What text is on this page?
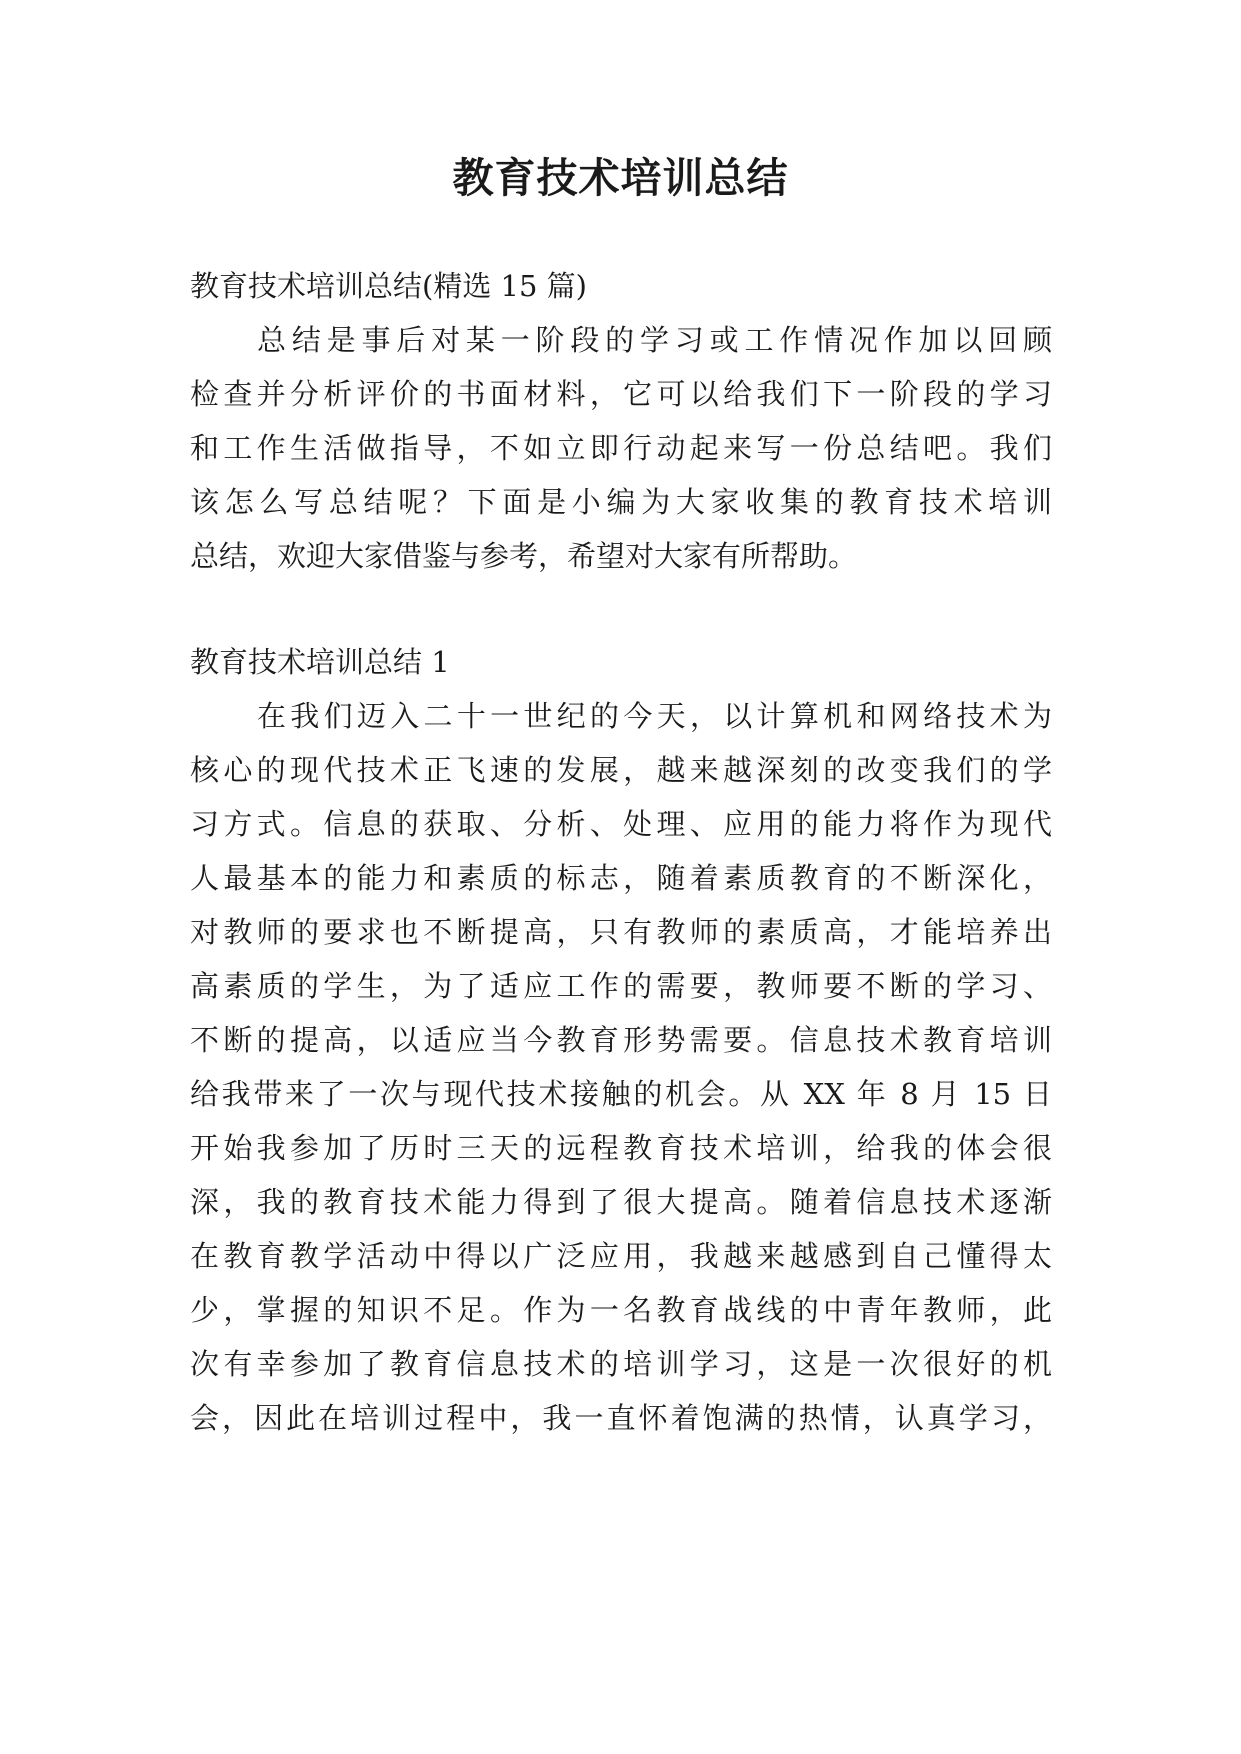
教育技术培训总结
教育技术培训总结(精选 15 篇)
总结是事后对某一阶段的学习或工作情况作加以回顾
检查并分析评价的书面材料，它可以给我们下一阶段的学习
和工作生活做指导，不如立即行动起来写一份总结吧。我们
该怎么写总结呢？下面是小编为大家收集的教育技术培训
总结，欢迎大家借鉴与参考，希望对大家有所帮助。
教育技术培训总结 1
在我们迈入二十一世纪的今天，以计算机和网络技术为
核心的现代技术正飞速的发展，越来越深刻的改变我们的学
习方式。信息的获取、分析、处理、应用的能力将作为现代
人最基本的能力和素质的标志，随着素质教育的不断深化，
对教师的要求也不断提高，只有教师的素质高，才能培养出
高素质的学生，为了适应工作的需要，教师要不断的学习、
不断的提高，以适应当今教育形势需要。信息技术教育培训
给我带来了一次与现代技术接触的机会。从 XX 年 8 月 15 日
开始我参加了历时三天的远程教育技术培训，给我的体会很
深，我的教育技术能力得到了很大提高。随着信息技术逐渐
在教育教学活动中得以广泛应用，我越来越感到自己懂得太
少，掌握的知识不足。作为一名教育战线的中青年教师，此
次有幸参加了教育信息技术的培训学习，这是一次很好的机
会，因此在培训过程中，我一直怀着饱满的热情，认真学习，
